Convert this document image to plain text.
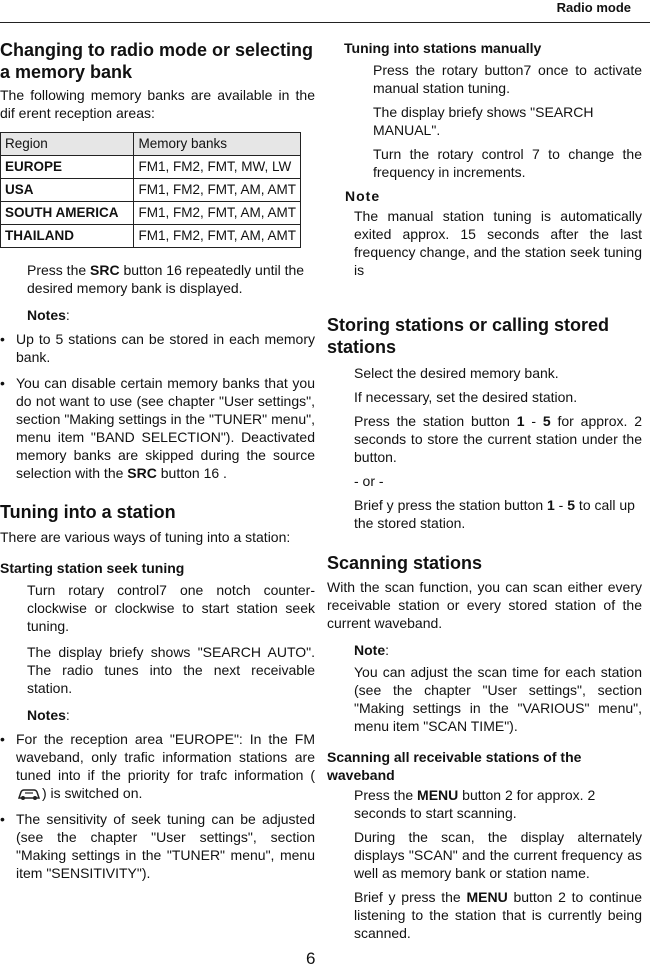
Radio mode
Changing to radio mode or selecting
a memory bank

The following memory banks are available in the dif erent reception areas:

Region	Memory banks
EUROPE	FM1, FM2, FMT, MW, LW
USA	FM1, FM2, FMT, AM, AMT
SOUTH AMERICA	FM1, FM2, FMT, AM, AMT
THAILAND	FM1, FM2, FMT, AM, AMT

Press the SRC button 16 repeatedly until the desired memory bank is displayed.

Notes:

• Up to 5 stations can be stored in each memory bank.
• You can disable certain memory banks that you do not want to use (see chapter "User settings", section "Making settings in the "TUNER" menu", menu item "BAND SELECTION"). Deactivated memory banks are skipped during the source selection with the SRC button 16 .
Tuning into a station

There are various ways of tuning into a station:

Starting station seek tuning

Turn rotary control7 one notch counter-clockwise or clockwise to start station seek tuning.

The display briefy shows "SEARCH AUTO". The radio tunes into the next receivable station.

Notes:

• For the reception area "EUROPE": In the FM waveband, only trafic information stations are tuned into if the priority for trafc information () is switched on.
• The sensitivity of seek tuning can be adjusted (see the chapter "User settings", section "Making settings in the "TUNER" menu", menu item "SENSITIVITY").
Tuning into stations manually

Press the rotary button7 once to activate manual station tuning.

The display briefy shows "SEARCH MANUAL".

Turn the rotary control 7 to change the frequency in increments.

Note

The manual station tuning is automatically exited approx. 15 seconds after the last frequency change, and the station seek tuning is

Storing stations or calling stored
stations

Select the desired memory bank.

If necessary, set the desired station.

Press the station button 1 - 5 for approx. 2 seconds to store the current station under the button.

- or -

Brief y press the station button 1 - 5 to call up the stored station.

Scanning stations

With the scan function, you can scan either every receivable station or every stored station of the current waveband.

Note:

You can adjust the scan time for each station (see the chapter "User settings", section "Making settings in the "VARIOUS" menu", menu item "SCAN TIME").

Scanning all receivable stations of the
waveband

Press the MENU button 2 for approx. 2 seconds to start scanning.

During the scan, the display alternately displays "SCAN" and the current frequency as well as memory bank or station name.

Brief y press the MENU button 2 to continue listening to the station that is currently being scanned.

6
